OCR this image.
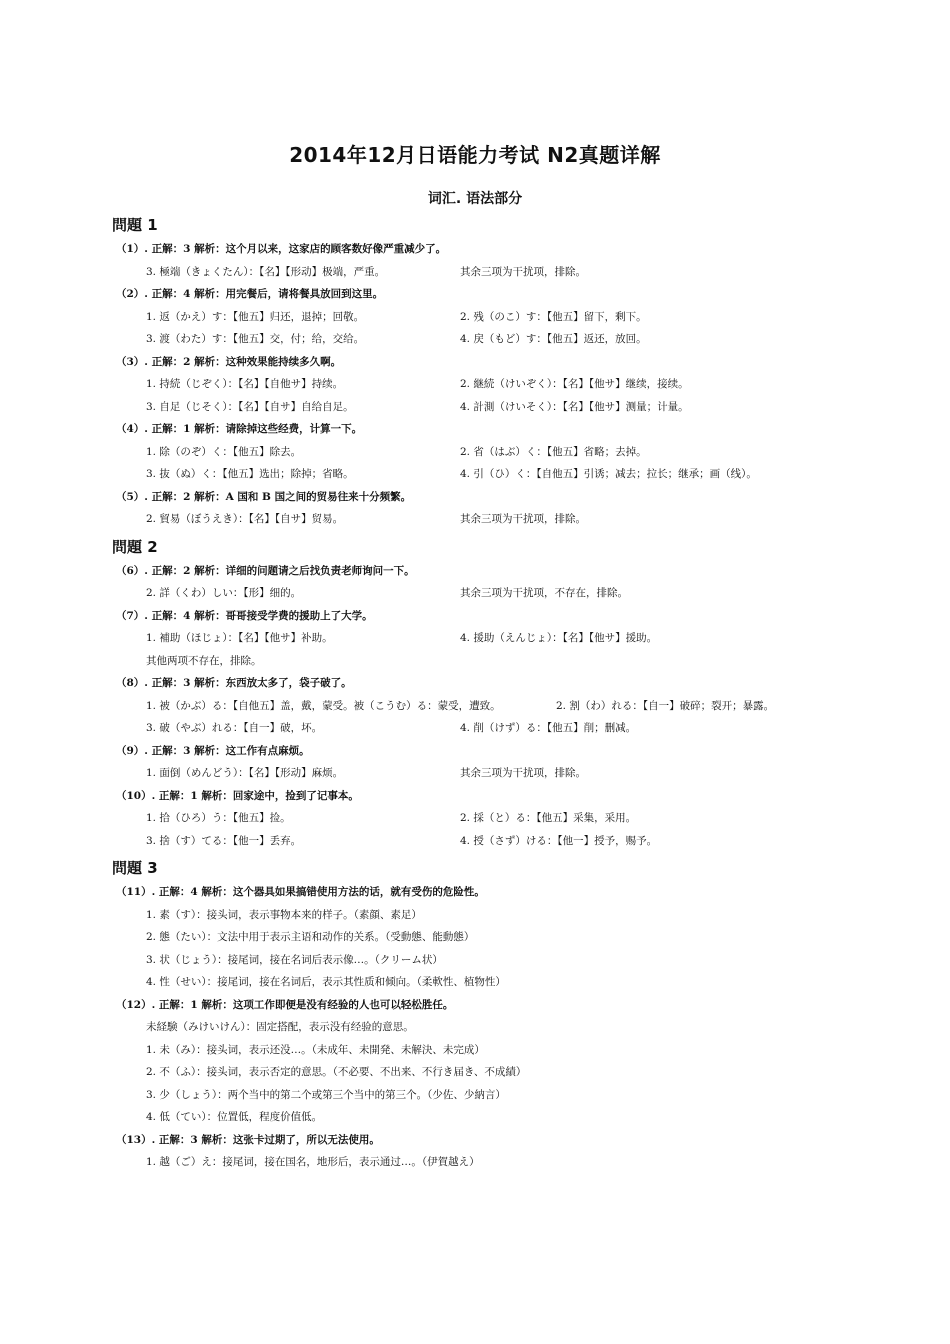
2014年12月日语能力考试 N2真题详解
词汇. 语法部分
問題 1
（1）. 正解：3 解析：这个月以来，这家店的顾客数好像严重减少了。
3. 極端（きょくたん）：【名】【形动】极端，严重。	其余三项为干扰项，排除。
（2）. 正解：4 解析：用完餐后，请将餐具放回到这里。
1. 返（かえ）す：【他五】归还，退掉；回敬。	2. 残（のこ）す：【他五】留下，剩下。
3. 渡（わた）す：【他五】交，付；给，交给。	4. 戻（もど）す：【他五】返还，放回。
（3）. 正解：2 解析：这种效果能持续多久啊。
1. 持続（じぞく）：【名】【自他サ】持续。	2. 継続（けいぞく）：【名】【他サ】继续，接续。
3. 自足（じそく）：【名】【自サ】自给自足。	4. 計測（けいそく）：【名】【他サ】测量；计量。
（4）. 正解：1 解析：请除掉这些经费，计算一下。
1. 除（のぞ）く：【他五】除去。	2. 省（はぶ）く：【他五】省略；去掉。
3. 抜（ぬ）く：【他五】选出；除掉；省略。	4. 引（ひ）く：【自他五】引诱；减去；拉长；继承；画（线）。
（5）. 正解：2 解析：A 国和 B 国之间的贸易往来十分频繁。
2. 貿易（ぼうえき）：【名】【自サ】贸易。	其余三项为干扰项，排除。
問題 2
（6）. 正解：2 解析：详细的问题请之后找负责老师询问一下。
2. 詳（くわ）しい：【形】细的。	其余三项为干扰项，不存在，排除。
（7）. 正解：4 解析：哥哥接受学费的援助上了大学。
1. 補助（ほじょ）：【名】【他サ】补助。	4. 援助（えんじょ）：【名】【他サ】援助。
其他两项不存在，排除。
（8）. 正解：3 解析：东西放太多了，袋子破了。
1. 被（かぶ）る：【自他五】盖，戴，蒙受。被（こうむ）る：蒙受，遭致。	2. 割（わ）れる：【自一】破碎；裂开；暴露。
3. 破（やぶ）れる：【自一】破，坏。	4. 削（けず）る：【他五】削；删减。
（9）. 正解：3 解析：这工作有点麻烦。
1. 面倒（めんどう）：【名】【形动】麻烦。	其余三项为干扰项，排除。
（10）. 正解：1 解析：回家途中，捡到了记事本。
1. 拾（ひろ）う：【他五】捡。	2. 採（と）る：【他五】采集，采用。
3. 捨（す）てる：【他一】丢弃。	4. 授（さず）ける：【他一】授予，赐予。
問題 3
（11）. 正解：4 解析：这个器具如果搞错使用方法的话，就有受伤的危险性。
1. 素（す）：接头词，表示事物本来的样子。（素顔、素足）
2. 態（たい）：文法中用于表示主语和动作的关系。（受動態、能動態）
3. 状（じょう）：接尾词，接在名词后表示像…。（クリーム状）
4. 性（せい）：接尾词，接在名词后，表示其性质和倾向。（柔軟性、植物性）
（12）. 正解：1 解析：这项工作即便是没有经验的人也可以轻松胜任。
未経験（みけいけん）：固定搭配，表示没有经验的意思。
1. 未（み）：接头词，表示还没…。（未成年、未開発、未解決、未完成）
2. 不（ふ）：接头词，表示否定的意思。（不必要、不出来、不行き届き、不成績）
3. 少（しょう）：两个当中的第二个或第三个当中的第三个。（少佐、少納言）
4. 低（てい）：位置低，程度价值低。
（13）. 正解：3 解析：这张卡过期了，所以无法使用。
1. 越（ご）え：接尾词，接在国名，地形后，表示通过…。（伊賀越え）
